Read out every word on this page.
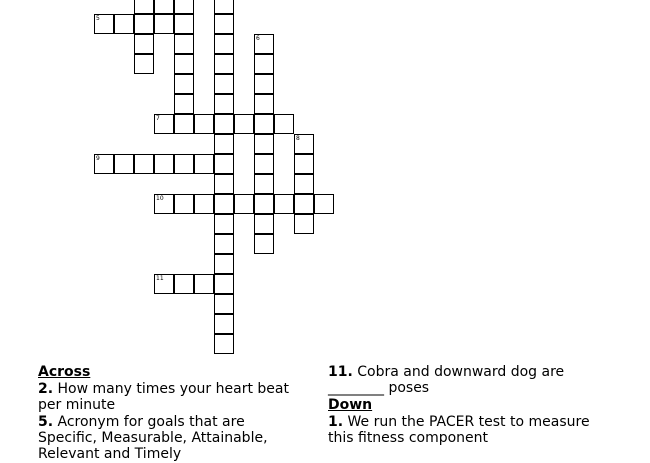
5
6
7
8
9
10
11
Across
2. How many times your heart beat per minute
5. Acronym for goals that are Specific, Measurable, Attainable, Relevant and Timely
11. Cobra and downward dog are ________ poses
Down
1. We run the PACER test to measure this fitness component
